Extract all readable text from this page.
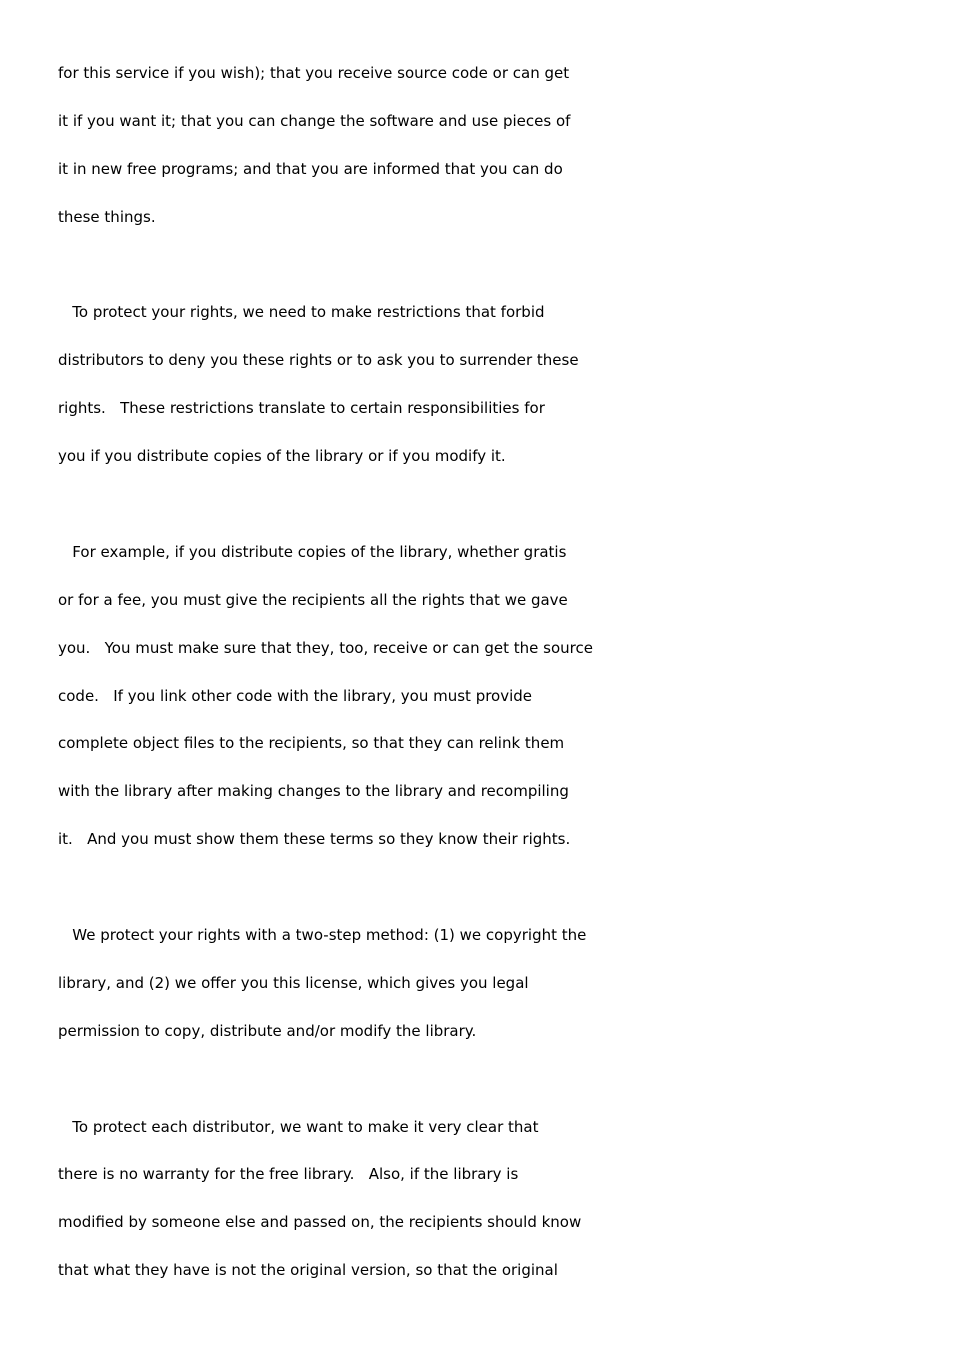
for this service if you wish); that you receive source code or can get
it if you want it; that you can change the software and use pieces of
it in new free programs; and that you are informed that you can do
these things.
To protect your rights, we need to make restrictions that forbid
distributors to deny you these rights or to ask you to surrender these
rights.   These restrictions translate to certain responsibilities for
you if you distribute copies of the library or if you modify it.
For example, if you distribute copies of the library, whether gratis
or for a fee, you must give the recipients all the rights that we gave
you.   You must make sure that they, too, receive or can get the source
code.   If you link other code with the library, you must provide
complete object files to the recipients, so that they can relink them
with the library after making changes to the library and recompiling
it.   And you must show them these terms so they know their rights.
We protect your rights with a two-step method: (1) we copyright the
library, and (2) we offer you this license, which gives you legal
permission to copy, distribute and/or modify the library.
To protect each distributor, we want to make it very clear that
there is no warranty for the free library.   Also, if the library is
modified by someone else and passed on, the recipients should know
that what they have is not the original version, so that the original
